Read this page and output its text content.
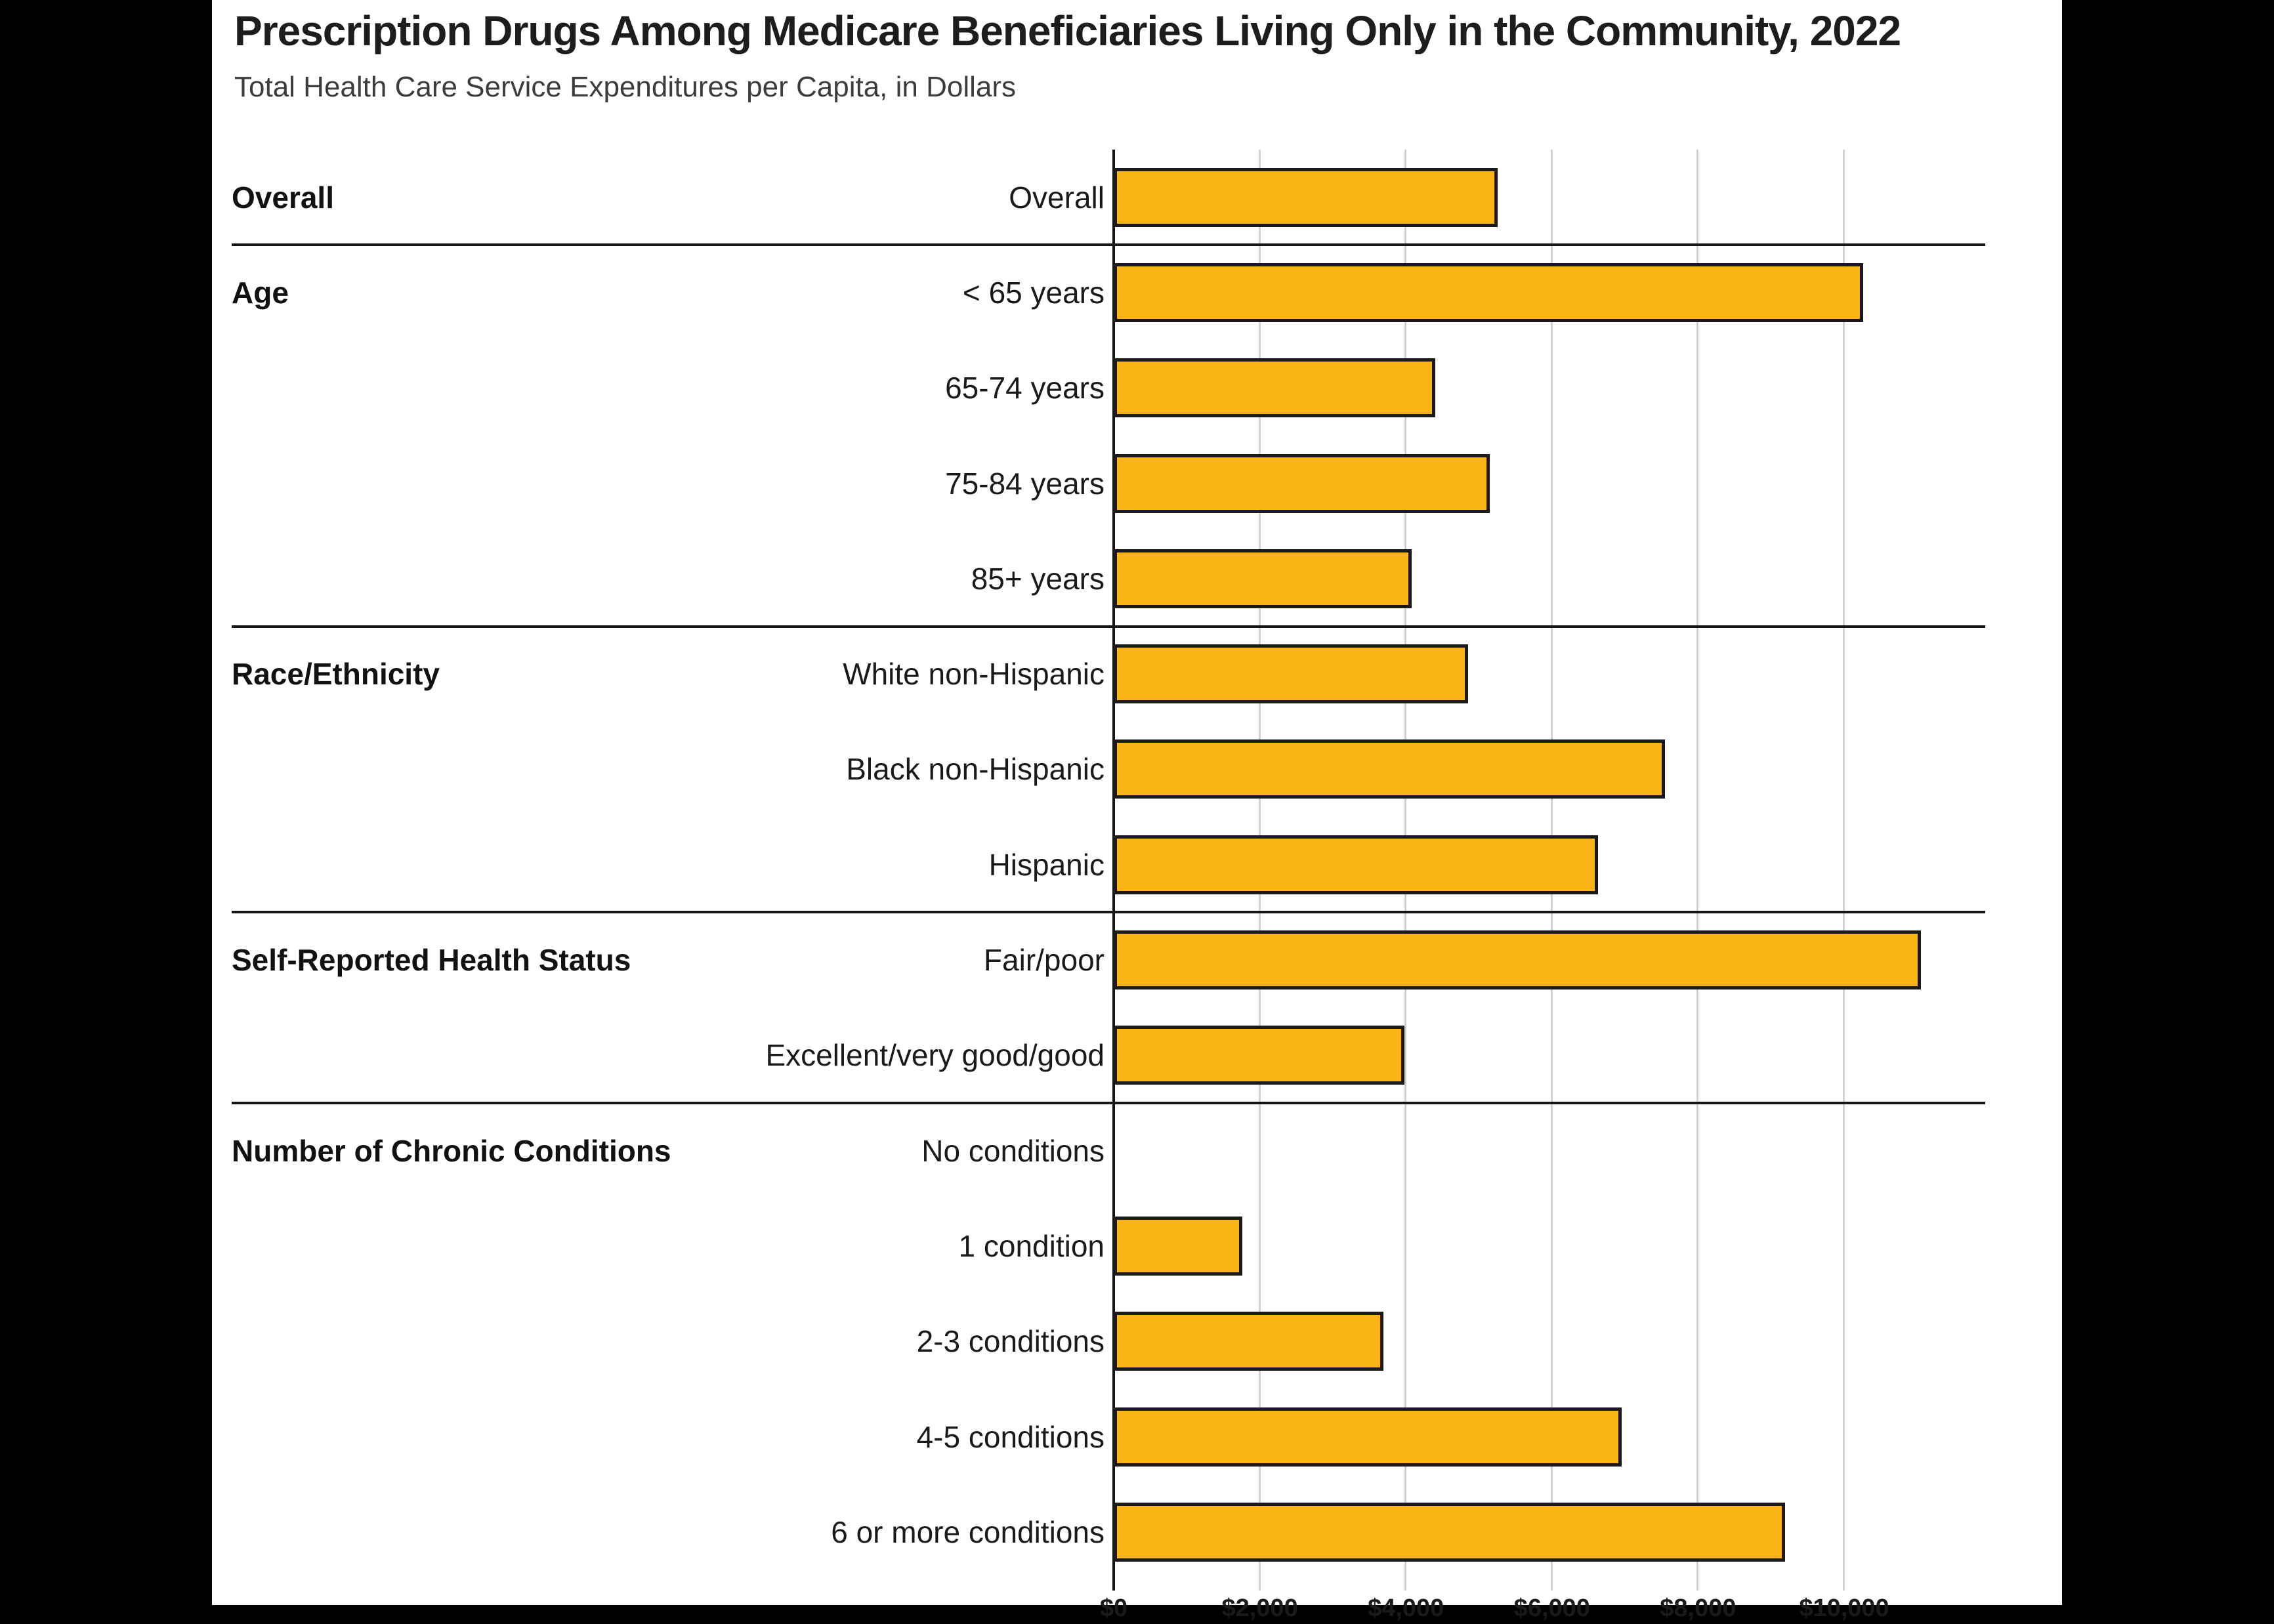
Prescription Drugs Among Medicare Beneficiaries Living Only in the Community, 2022
Total Health Care Service Expenditures per Capita, in Dollars
$0	$2,000	$4,000	$6,000	$8,000	$10,000
Overall	Overall
Age	< 65 years
65-74 years
75-84 years
85+ years
Race/Ethnicity	White non-Hispanic
Black non-Hispanic
Hispanic
Self-Reported Health Status	Fair/poor
Excellent/very good/good
Number of Chronic Conditions	No conditions
1 condition
2-3 conditions
4-5 conditions
6 or more conditions
